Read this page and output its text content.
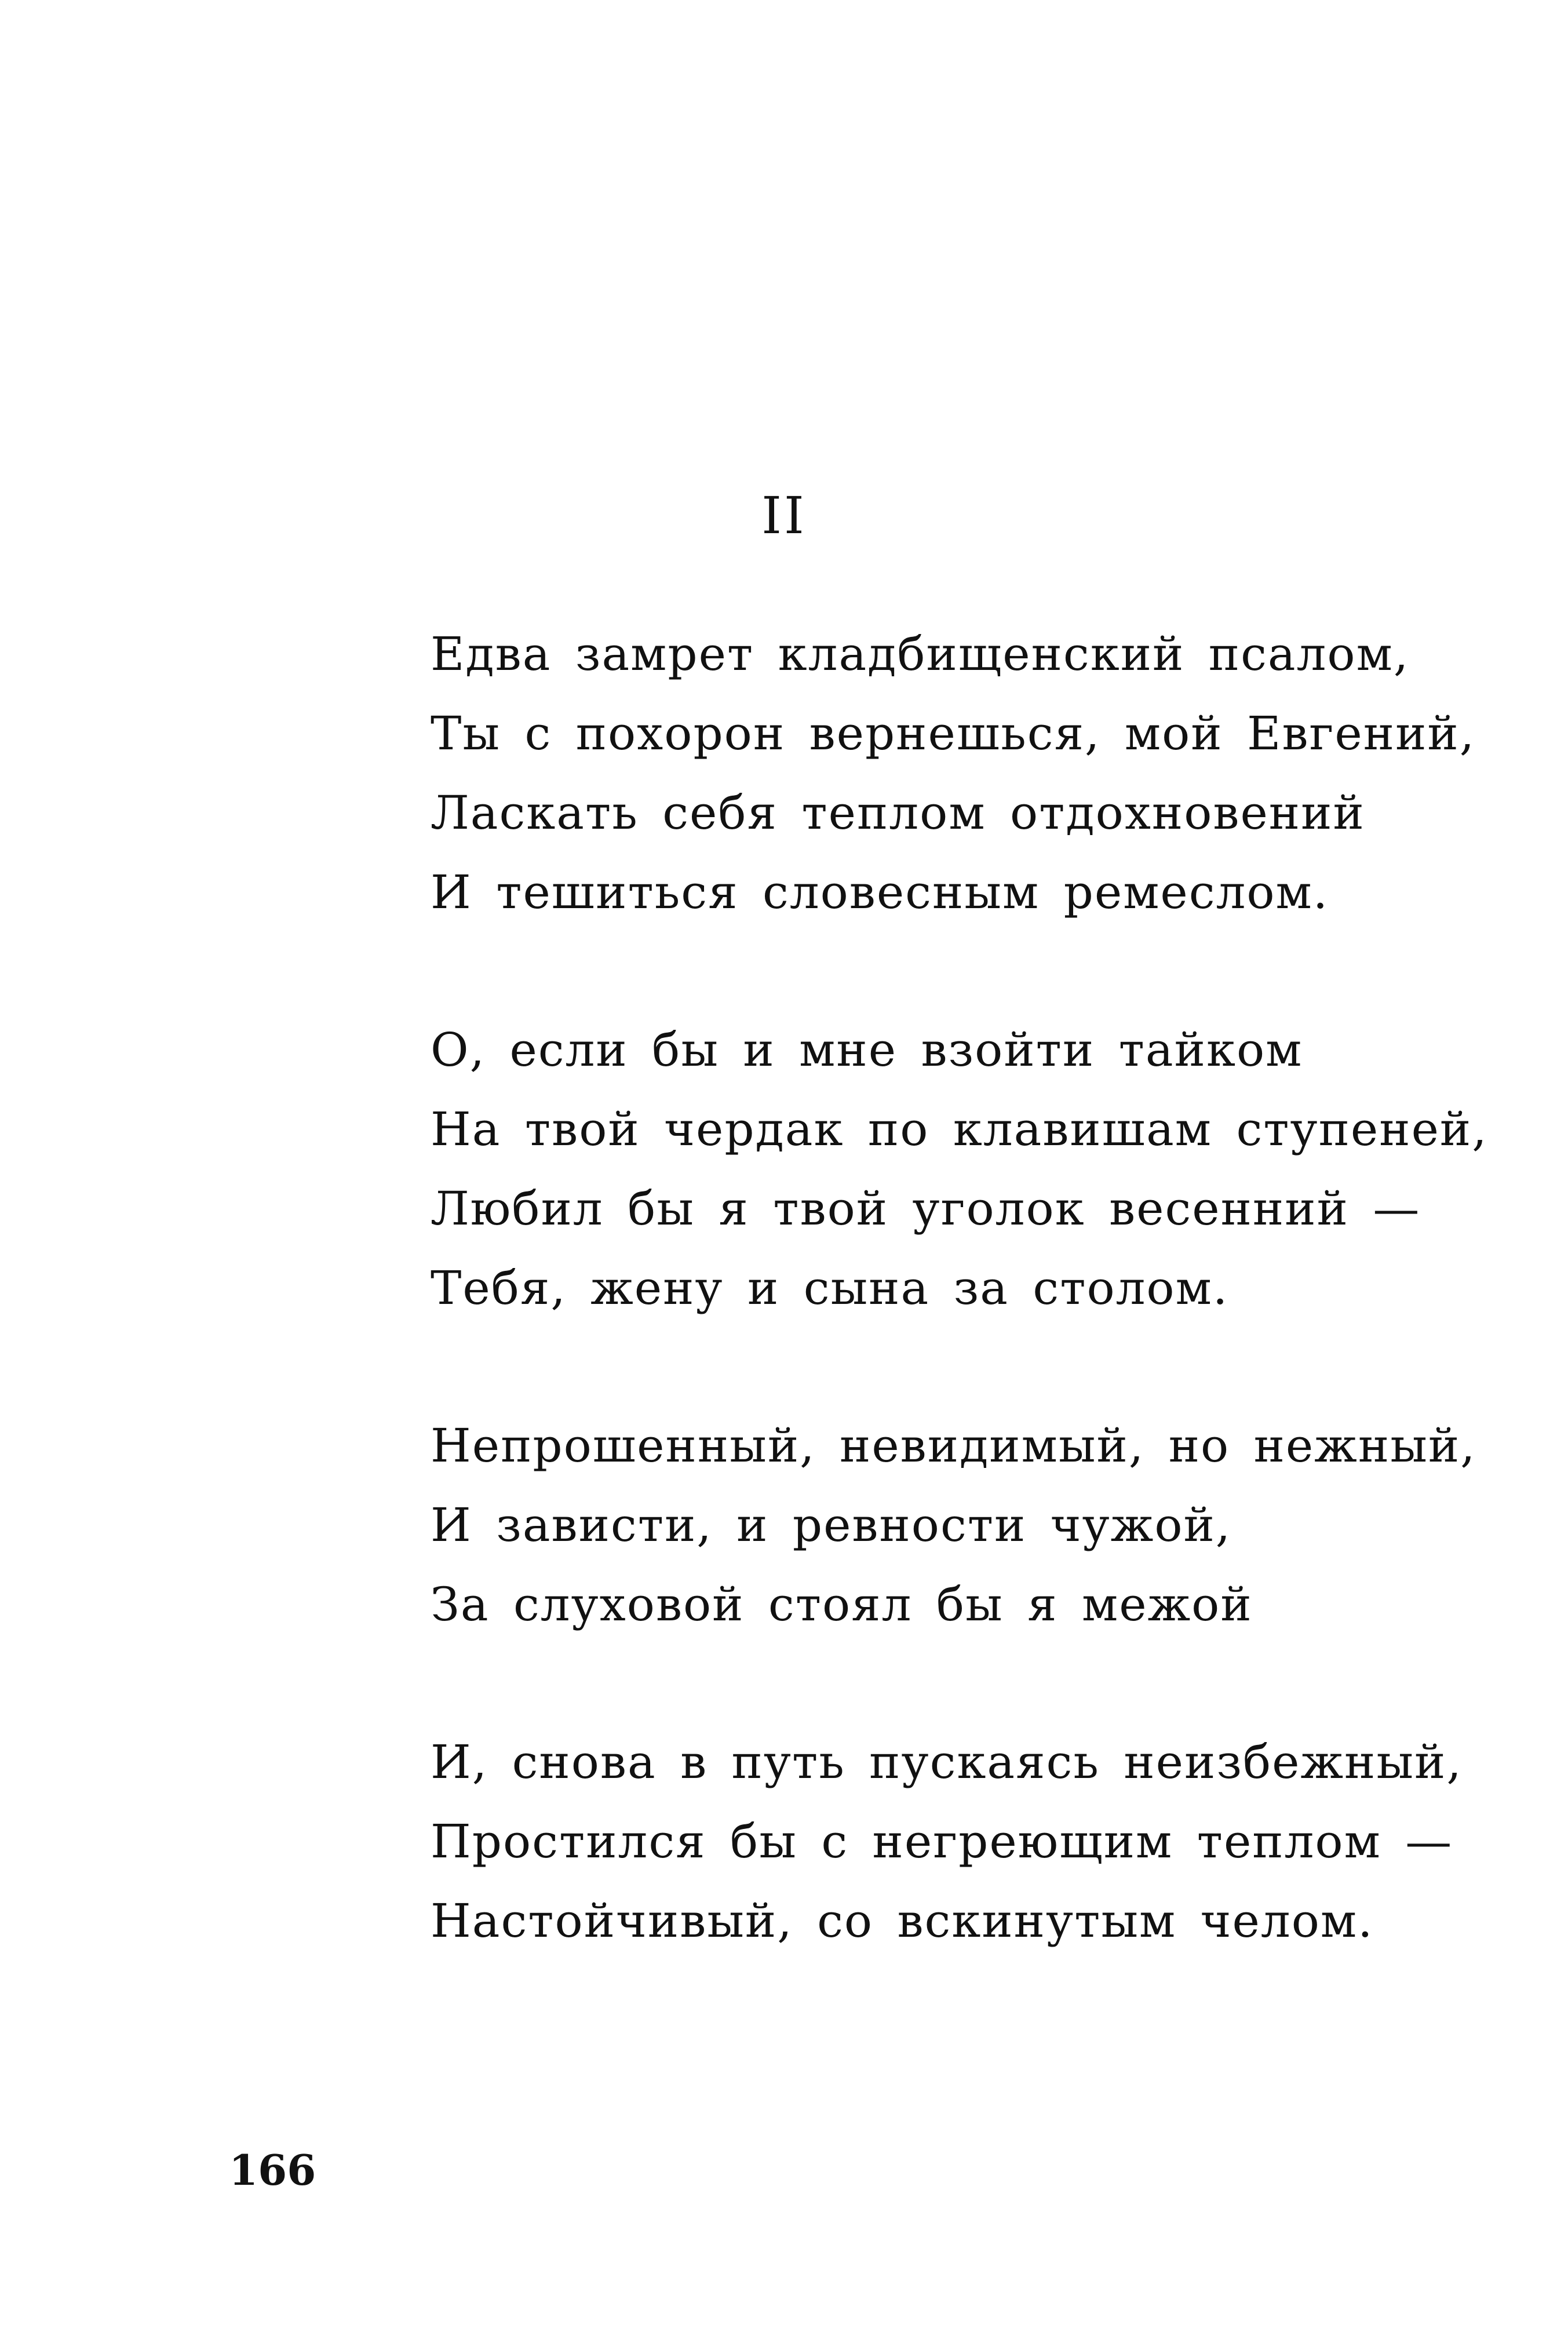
II
Едва замрет кладбищенский псалом,
Ты с похорон вернешься, мой Евгений,
Ласкать себя теплом отдохновений
И тешиться словесным ремеслом.
О, если бы и мне взойти тайком
На твой чердак по клавишам ступеней,
Любил бы я твой уголок весенний —
Тебя, жену и сына за столом.
Непрошенный, невидимый, но нежный,
И зависти, и ревности чужой,
За слуховой стоял бы я межой
И, снова в путь пускаясь неизбежный,
Простился бы с негреющим теплом —
Настойчивый, со вскинутым челом.
166
